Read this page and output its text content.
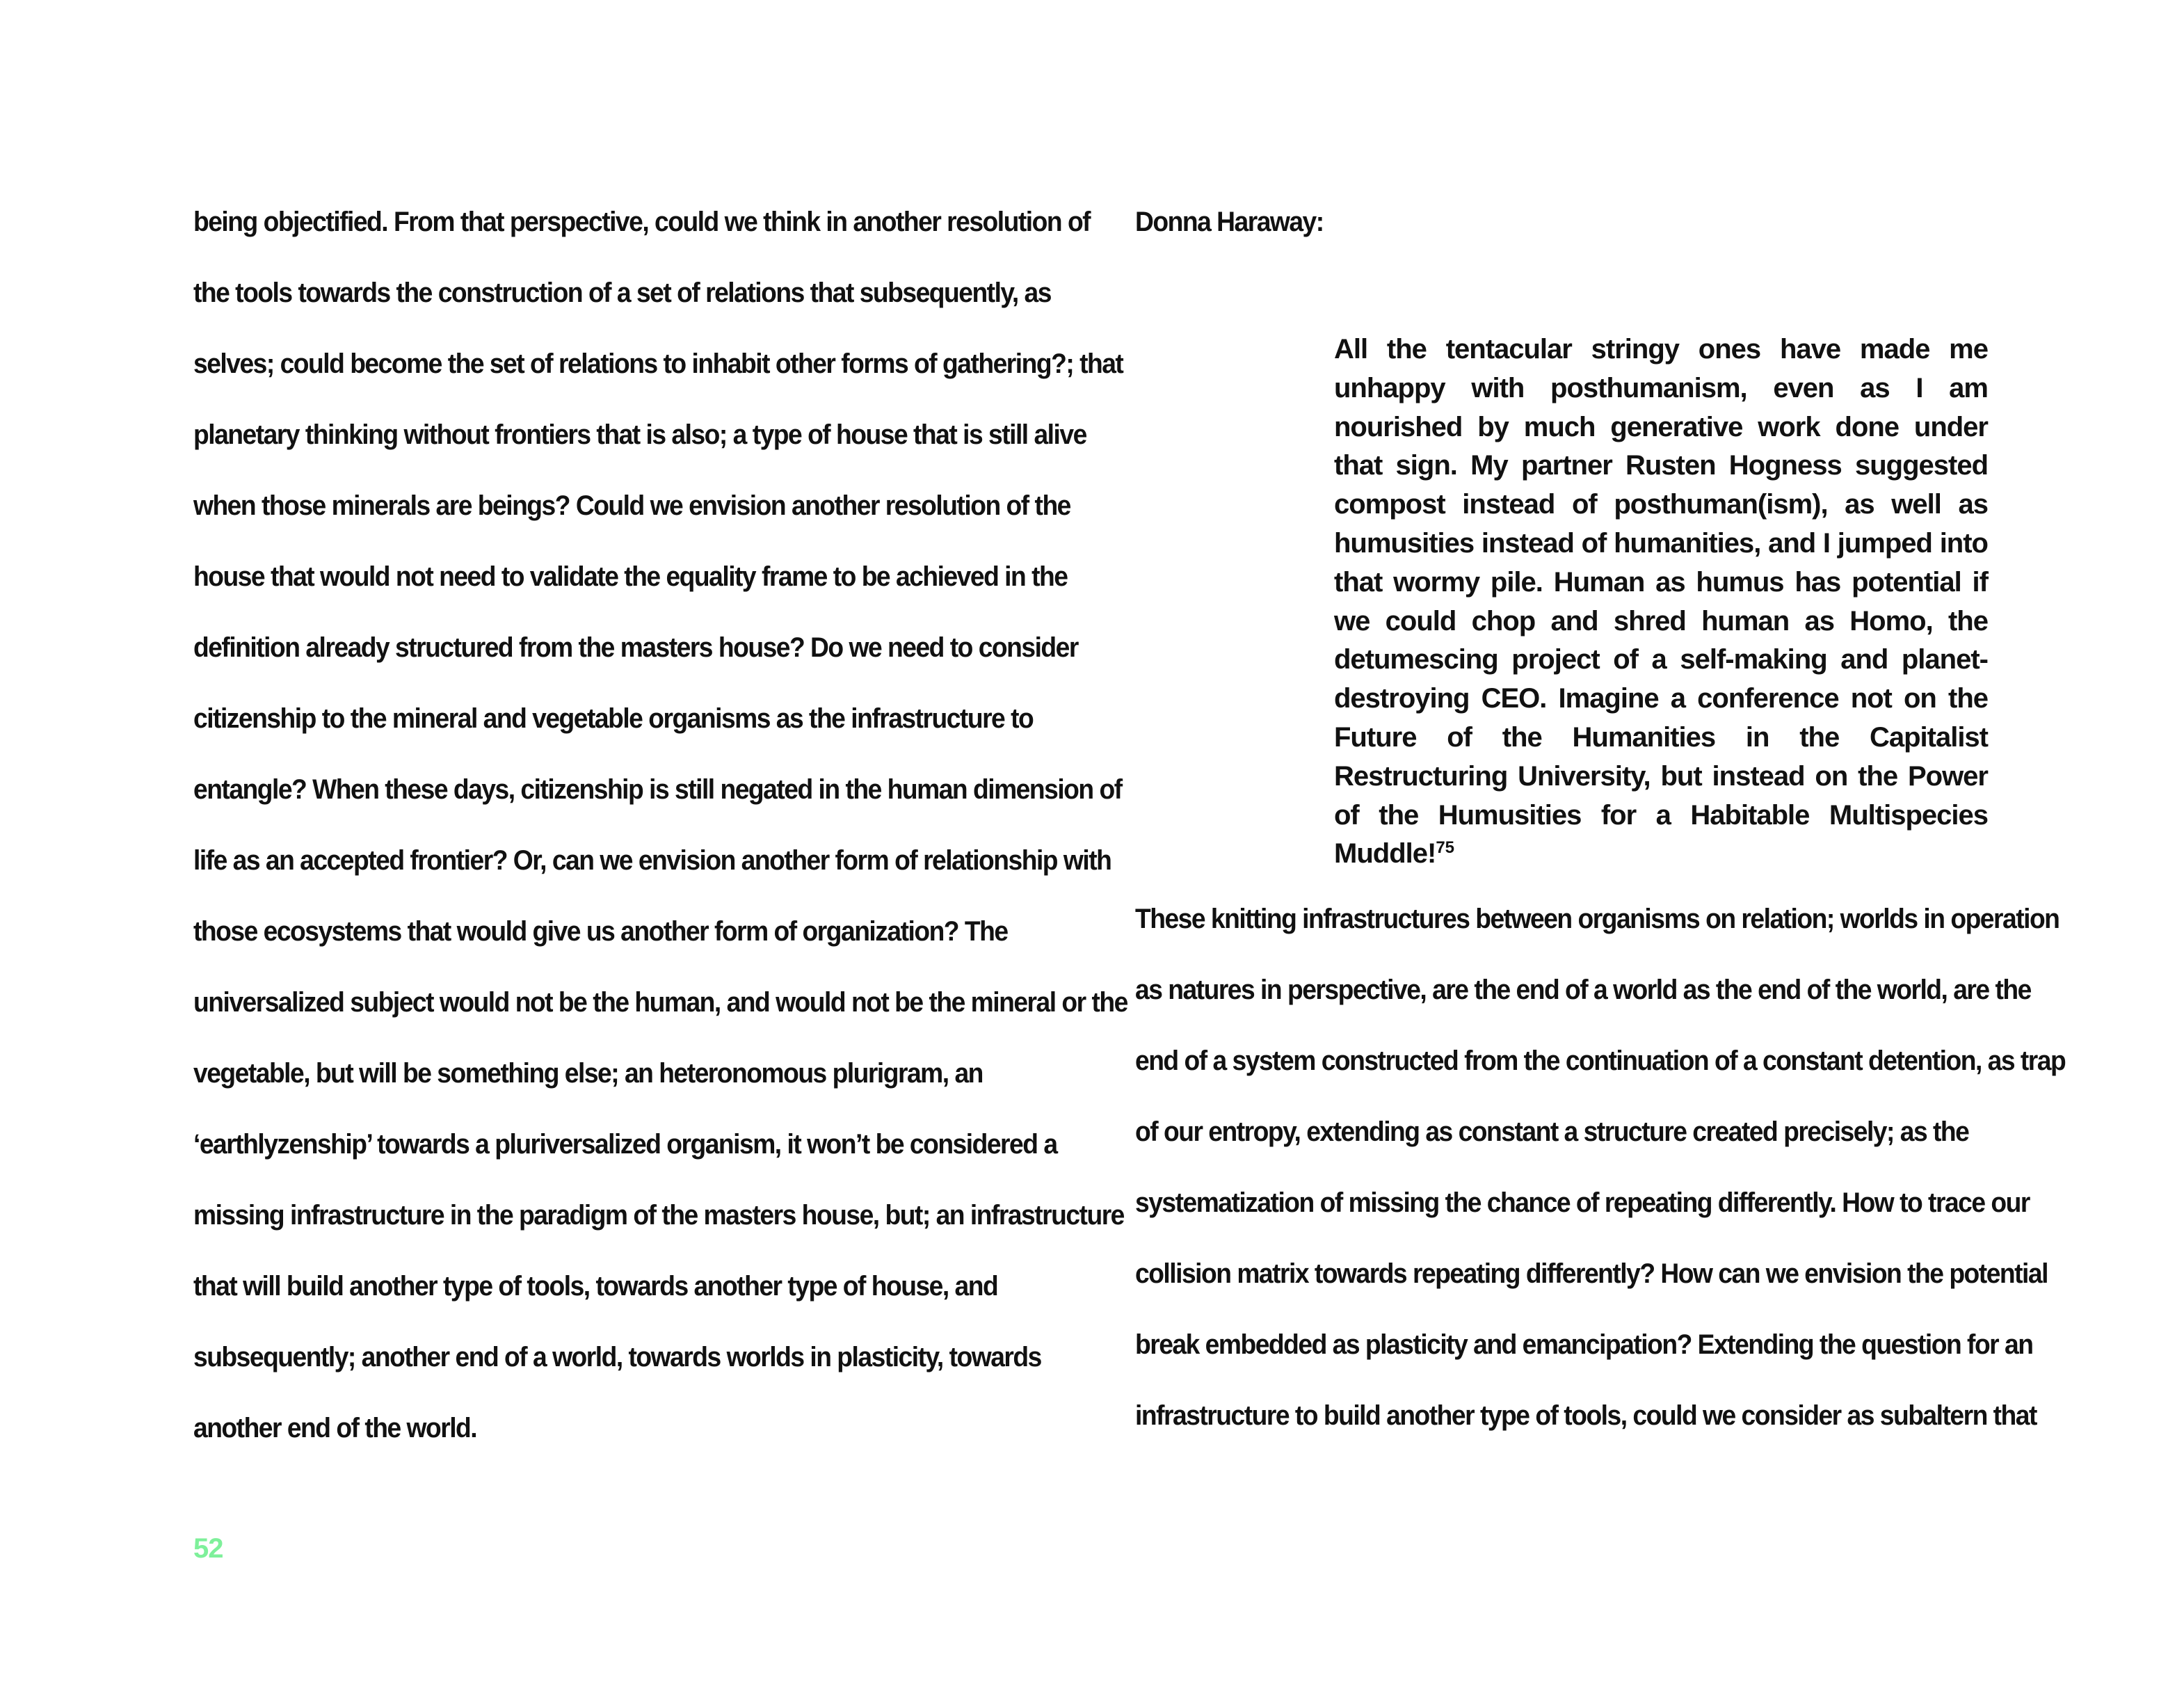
being objectified. From that perspective, could we think in another resolution of
the tools towards the construction of a set of relations that subsequently, as
selves; could become the set of relations to inhabit other forms of gathering?; that
planetary thinking without frontiers that is also; a type of house that is still alive
when those minerals are beings? Could we envision another resolution of the
house that would not need to validate the equality frame to be achieved in the
definition already structured from the masters house? Do we need to consider
citizenship to the mineral and vegetable organisms as the infrastructure to
entangle? When these days, citizenship is still negated in the human dimension of
life as an accepted frontier? Or, can we envision another form of relationship with
those ecosystems that would give us another form of organization? The
universalized subject would not be the human, and would not be the mineral or the
vegetable, but will be something else; an heteronomous plurigram, an
‘earthlyzenship’ towards a pluriversalized organism, it won’t be considered a
missing infrastructure in the paradigm of the masters house, but; an infrastructure
that will build another type of tools, towards another type of house, and
subsequently; another end of a world, towards worlds in plasticity, towards
another end of the world.
52
Donna Haraway:
All the tentacular stringy ones have made me unhappy with posthumanism, even as I am nourished by much generative work done under that sign. My partner Rusten Hogness suggested compost instead of posthuman(ism), as well as humusities instead of humanities, and I jumped into that wormy pile. Human as humus has potential if we could chop and shred human as Homo, the detumescing project of a self-making and planet-destroying CEO. Imagine a conference not on the Future of the Humanities in the Capitalist Restructuring University, but instead on the Power of the Humusities for a Habitable Multispecies Muddle!$^{75}$
These knitting infrastructures between organisms on relation; worlds in operation
as natures in perspective, are the end of a world as the end of the world, are the
end of a system constructed from the continuation of a constant detention, as trap
of our entropy, extending as constant a structure created precisely; as the
systematization of missing the chance of repeating differently. How to trace our
collision matrix towards repeating differently? How can we envision the potential
break embedded as plasticity and emancipation? Extending the question for an
infrastructure to build another type of tools, could we consider as subaltern that
